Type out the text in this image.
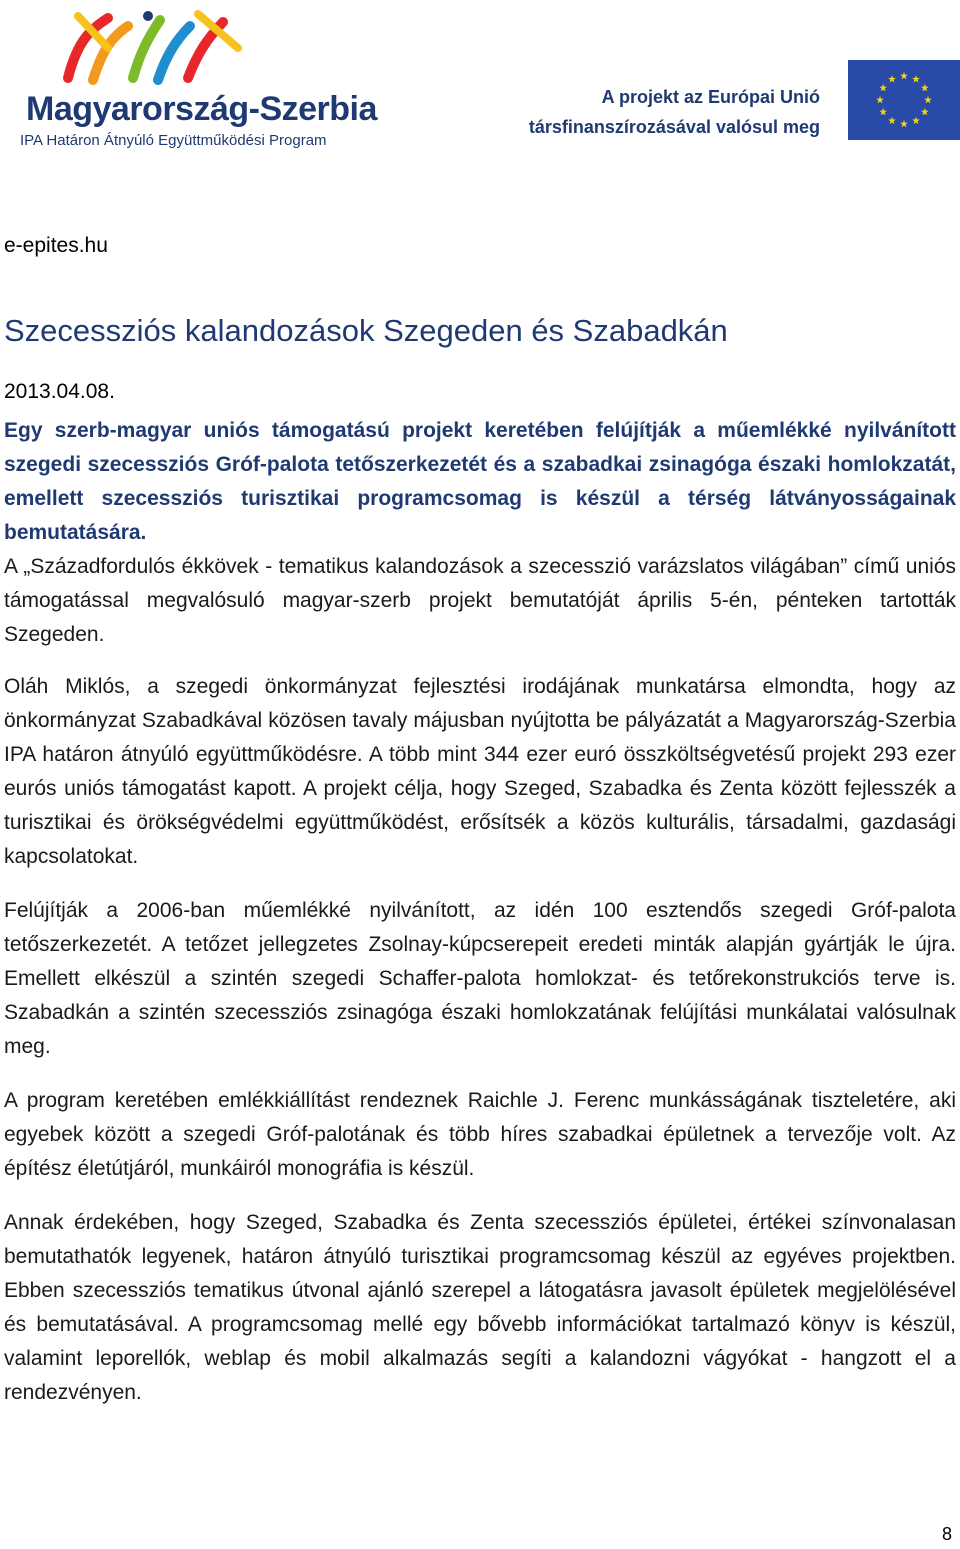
Magyarország-Szerbia
IPA Határon Átnyúló Együttműködési Program
A projekt az Európai Unió
társfinanszírozásával valósul meg

e-epites.hu

Szecessziós kalandozások Szegeden és Szabadkán

2013.04.08.

Egy szerb-magyar uniós támogatású projekt keretében felújítják a műemlékké nyilvánított szegedi szecessziós Gróf-palota tetőszerkezetét és a szabadkai zsinagóga északi homlokzatát, emellett szecessziós turisztikai programcsomag is készül a térség látványosságainak bemutatására.

A „Századfordulós ékkövek - tematikus kalandozások a szecesszió varázslatos világában” című uniós támogatással megvalósuló magyar-szerb projekt bemutatóját április 5-én, pénteken tartották Szegeden.

Oláh Miklós, a szegedi önkormányzat fejlesztési irodájának munkatársa elmondta, hogy az önkormányzat Szabadkával közösen tavaly májusban nyújtotta be pályázatát a Magyarország-Szerbia IPA határon átnyúló együttműködésre. A több mint 344 ezer euró összköltségvetésű projekt 293 ezer eurós uniós támogatást kapott. A projekt célja, hogy Szeged, Szabadka és Zenta között fejlesszék a turisztikai és örökségvédelmi együttműködést, erősítsék a közös kulturális, társadalmi, gazdasági kapcsolatokat.

Felújítják a 2006-ban műemlékké nyilvánított, az idén 100 esztendős szegedi Gróf-palota tetőszerkezetét. A tetőzet jellegzetes Zsolnay-kúpcserepeit eredeti minták alapján gyártják le újra. Emellett elkészül a szintén szegedi Schaffer-palota homlokzat- és tetőrekonstrukciós terve is. Szabadkán a szintén szecessziós zsinagóga északi homlokzatának felújítási munkálatai valósulnak meg.

A program keretében emlékkiállítást rendeznek Raichle J. Ferenc munkásságának tiszteletére, aki egyebek között a szegedi Gróf-palotának és több híres szabadkai épületnek a tervezője volt. Az építész életútjáról, munkáiról monográfia is készül.

Annak érdekében, hogy Szeged, Szabadka és Zenta szecessziós épületei, értékei színvonalasan bemutathatók legyenek, határon átnyúló turisztikai programcsomag készül az egyéves projektben. Ebben szecessziós tematikus útvonal ajánló szerepel a látogatásra javasolt épületek megjelölésével és bemutatásával. A programcsomag mellé egy bővebb információkat tartalmazó könyv is készül, valamint leporellók, weblap és mobil alkalmazás segíti a kalandozni vágyókat - hangzott el a rendezvényen.

8
